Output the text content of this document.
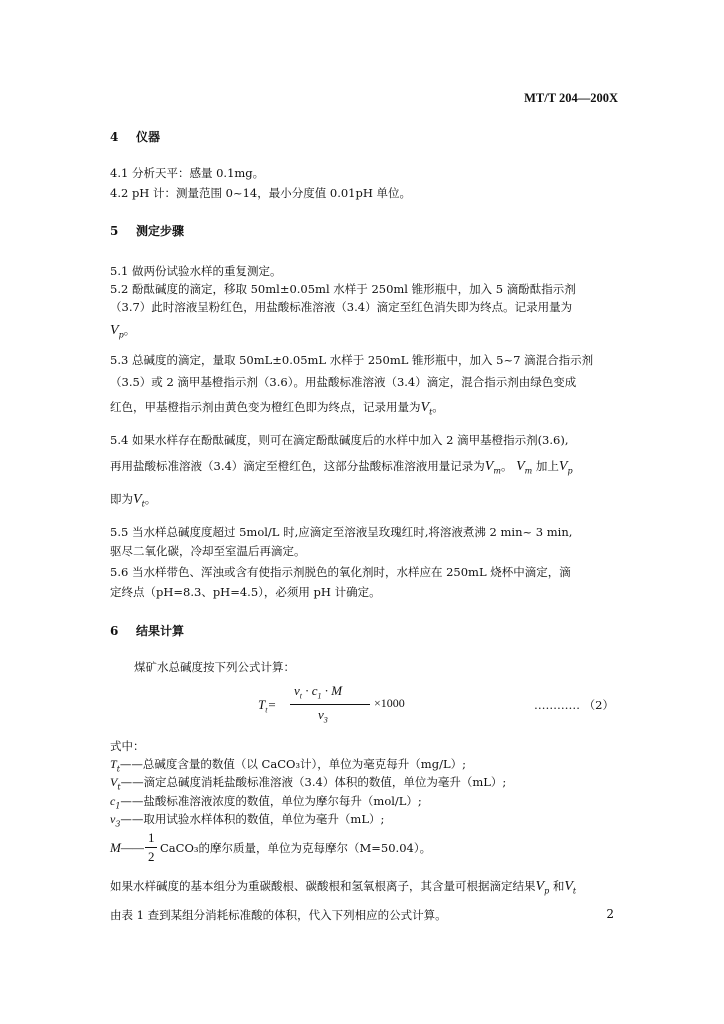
MT/T 204—200X
4 仪器
4.1 分析天平：感量 0.1mg。
4.2 pH 计：测量范围 0~14，最小分度值 0.01pH 单位。
5 测定步骤
5.1 做两份试验水样的重复测定。
5.2 酚酞碱度的滴定，移取 50ml±0.05ml 水样于 250ml 锥形瓶中，加入 5 滴酚酞指示剂
（3.7）此时溶液呈粉红色，用盐酸标准溶液（3.4）滴定至红色消失即为终点。记录用量为
$V_p$。
5.3 总碱度的滴定，量取 50mL±0.05mL 水样于 250mL 锥形瓶中，加入 5~7 滴混合指示剂
（3.5）或 2 滴甲基橙指示剂（3.6）。用盐酸标准溶液（3.4）滴定，混合指示剂由绿色变成
红色，甲基橙指示剂由黄色变为橙红色即为终点，记录用量为$V_t$。
5.4 如果水样存在酚酞碱度，则可在滴定酚酞碱度后的水样中加入 2 滴甲基橙指示剂(3.6),
再用盐酸标准溶液（3.4）滴定至橙红色，这部分盐酸标准溶液用量记录为$V_m$。 $V_m$ 加上$V_p$
即为$V_t$。
5.5 当水样总碱度度超过 5mol/L 时,应滴定至溶液呈玫瑰红时,将溶液煮沸 2 min~ 3 min,
驱尽二氧化碳，冷却至室温后再滴定。
5.6 当水样带色、浑浊或含有使指示剂脱色的氧化剂时，水样应在 250mL 烧杯中滴定，滴
定终点（pH=8.3、pH=4.5），必须用 pH 计确定。
6 结果计算
煤矿水总碱度按下列公式计算：
$T_t=$
$v_t \cdot c_1 \cdot M$
$v_3$
×1000	………… （2）
式中：
$T_t——$总碱度含量的数值（以 CaCO₃计），单位为毫克每升（mg/L）;
$V_t——$滴定总碱度消耗盐酸标准溶液（3.4）体积的数值，单位为毫升（mL）;
$c_1——$盐酸标准溶液浓度的数值，单位为摩尔每升（mol/L）;
$v_3——$取用试验水样体积的数值，单位为毫升（mL）;
M——
1
2
CaCO₃的摩尔质量，单位为克每摩尔（M=50.04）。
如果水样碱度的基本组分为重碳酸根、碳酸根和氢氧根离子，其含量可根据滴定结果$V_p$ 和$V_t$
由表 1 查到某组分消耗标准酸的体积，代入下列相应的公式计算。	2
